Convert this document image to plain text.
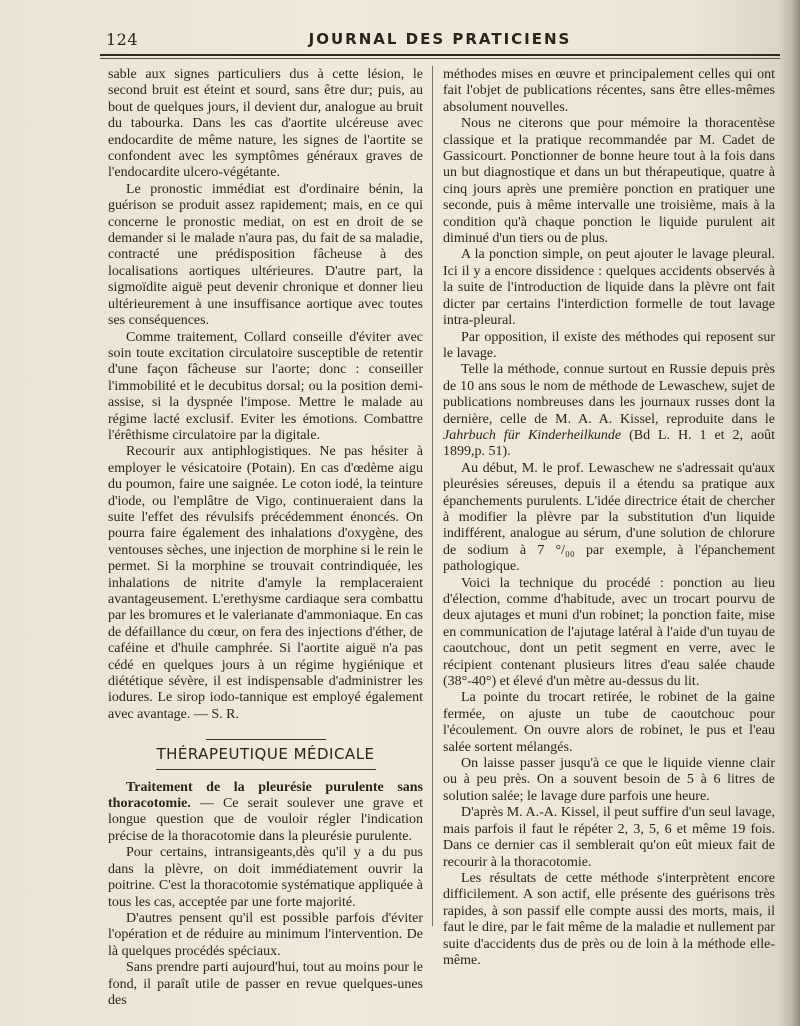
124	JOURNAL DES PRATICIENS

sable aux signes particuliers dus à cette lésion, le second bruit est éteint et sourd, sans être dur; puis, au bout de quelques jours, il devient dur, analogue au bruit du tabourka. Dans les cas d'aortite ulcéreuse avec endocardite de même nature, les signes de l'aortite se confondent avec les symptômes généraux graves de l'endocardite ulcero-végétante.

Le pronostic immédiat est d'ordinaire bénin, la guérison se produit assez rapidement; mais, en ce qui concerne le pronostic mediat, on est en droit de se demander si le malade n'aura pas, du fait de sa maladie, contracté une prédisposition fâcheuse à des localisations aortiques ultérieures. D'autre part, la sigmoïdite aiguë peut devenir chronique et donner lieu ultérieurement à une insuffisance aortique avec toutes ses conséquences.

Comme traitement, Collard conseille d'éviter avec soin toute excitation circulatoire susceptible de retentir d'une façon fâcheuse sur l'aorte; donc : conseiller l'immobilité et le decubitus dorsal; ou la position demi-assise, si la dyspnée l'impose. Mettre le malade au régime lacté exclusif. Eviter les émotions. Combattre l'érêthisme circulatoire par la digitale.

Recourir aux antiphlogistiques. Ne pas hésiter à employer le vésicatoire (Potain). En cas d'œdème aigu du poumon, faire une saignée. Le coton iodé, la teinture d'iode, ou l'emplâtre de Vigo, continueraient dans la suite l'effet des révulsifs précédemment énoncés. On pourra faire également des inhalations d'oxygène, des ventouses sèches, une injection de morphine si le rein le permet. Si la morphine se trouvait contrindiquée, les inhalations de nitrite d'amyle la remplaceraient avantageusement. L'erethysme cardiaque sera combattu par les bromures et le valerianate d'ammoniaque. En cas de défaillance du cœur, on fera des injections d'éther, de caféine et d'huile camphrée. Si l'aortite aiguë n'a pas cédé en quelques jours à un régime hygiénique et diététique sévère, il est indispensable d'administrer les iodures. Le sirop iodo-tannique est employé également avec avantage. — S. R.

THÉRAPEUTIQUE MÉDICALE

Traitement de la pleurésie purulente sans thoracotomie. — Ce serait soulever une grave et longue question que de vouloir régler l'indication précise de la thoracotomie dans la pleurésie purulente.

Pour certains, intransigeants,dès qu'il y a du pus dans la plèvre, on doit immédiatement ouvrir la poitrine. C'est la thoracotomie systématique appliquée à tous les cas, acceptée par une forte majorité.

D'autres pensent qu'il est possible parfois d'éviter l'opération et de réduire au minimum l'intervention. De là quelques procédés spéciaux.

Sans prendre parti aujourd'hui, tout au moins pour le fond, il paraît utile de passer en revue quelques-unes des

méthodes mises en œuvre et principalement celles qui ont fait l'objet de publications récentes, sans être elles-mêmes absolument nouvelles.

Nous ne citerons que pour mémoire la thoracentèse classique et la pratique recommandée par M. Cadet de Gassicourt. Ponctionner de bonne heure tout à la fois dans un but diagnostique et dans un but thérapeutique, quatre à cinq jours après une première ponction en pratiquer une seconde, puis à même intervalle une troisième, mais à la condition qu'à chaque ponction le liquide purulent ait diminué d'un tiers ou de plus.

A la ponction simple, on peut ajouter le lavage pleural. Ici il y a encore dissidence : quelques accidents observés à la suite de l'introduction de liquide dans la plèvre ont fait dicter par certains l'interdiction formelle de tout lavage intra-pleural.

Par opposition, il existe des méthodes qui reposent sur le lavage.

Telle la méthode, connue surtout en Russie depuis près de 10 ans sous le nom de méthode de Lewaschew, sujet de publications nombreuses dans les journaux russes dont la dernière, celle de M. A. A. Kissel, reproduite dans le Jahrbuch für Kinderheilkunde (Bd L. H. 1 et 2, août 1899,p. 51).

Au début, M. le prof. Lewaschew ne s'adressait qu'aux pleurésies séreuses, depuis il a étendu sa pratique aux épanchements purulents. L'idée directrice était de chercher à modifier la plèvre par la substitution d'un liquide indifférent, analogue au sérum, d'une solution de chlorure de sodium à 7 °/₀₀ par exemple, à l'épanchement pathologique.

Voici la technique du procédé : ponction au lieu d'élection, comme d'habitude, avec un trocart pourvu de deux ajutages et muni d'un robinet; la ponction faite, mise en communication de l'ajutage latéral à l'aide d'un tuyau de caoutchouc, dont un petit segment en verre, avec le récipient contenant plusieurs litres d'eau salée chaude (38°-40°) et élevé d'un mètre au-dessus du lit.

La pointe du trocart retirée, le robinet de la gaine fermée, on ajuste un tube de caoutchouc pour l'écoulement. On ouvre alors de robinet, le pus et l'eau salée sortent mélangés.

On laisse passer jusqu'à ce que le liquide vienne clair ou à peu près. On a souvent besoin de 5 à 6 litres de solution salée; le lavage dure parfois une heure.

D'après M. A.-A. Kissel, il peut suffire d'un seul lavage, mais parfois il faut le répéter 2, 3, 5, 6 et même 19 fois. Dans ce dernier cas il semblerait qu'on eût mieux fait de recourir à la thoracotomie.

Les résultats de cette méthode s'interprètent encore difficilement. A son actif, elle présente des guérisons très rapides, à son passif elle compte aussi des morts, mais, il faut le dire, par le fait même de la maladie et nullement par suite d'accidents dus de près ou de loin à la méthode elle-même.
